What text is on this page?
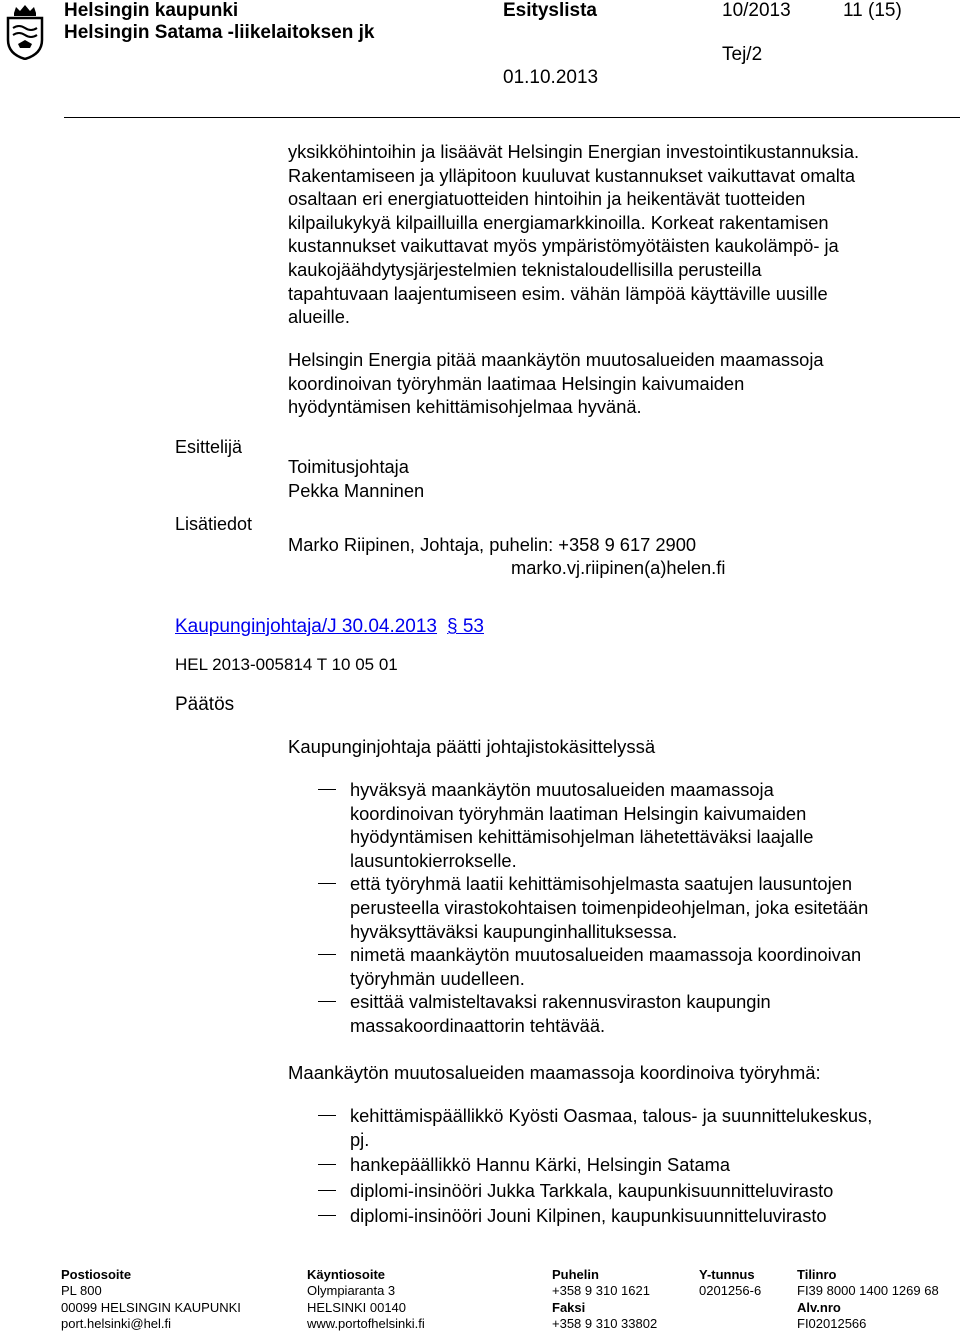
Helsingin kaupunki
Helsingin Satama -liikelaitoksen jk
Esityslista	10/2013	11 (15)
Tej/2
01.10.2013
yksikköhintoihin ja lisäävät Helsingin Energian investointikustannuksia.
Rakentamiseen ja ylläpitoon kuuluvat kustannukset vaikuttavat omalta
osaltaan eri energiatuotteiden hintoihin ja heikentävät tuotteiden
kilpailukykyä kilpailluilla energiamarkkinoilla. Korkeat rakentamisen
kustannukset vaikuttavat myös ympäristömyötäisten kaukolämpö- ja
kaukojäähdytysjärjestelmien teknistaloudellisilla perusteilla
tapahtuvaan laajentumiseen esim. vähän lämpöä käyttäville uusille
alueille.
Helsingin Energia pitää maankäytön muutosalueiden maamassoja
koordinoivan työryhmän laatimaa Helsingin kaivumaiden
hyödyntämisen kehittämisohjelmaa hyvänä.
Esittelijä
Toimitusjohtaja
Pekka Manninen
Lisätiedot
Marko Riipinen, Johtaja, puhelin: +358 9 617 2900
marko.vj.riipinen(a)helen.fi
Kaupunginjohtaja/J 30.04.2013 § 53
HEL 2013-005814 T 10 05 01
Päätös
Kaupunginjohtaja päätti johtajistokäsittelyssä
hyväksyä maankäytön muutosalueiden maamassoja
koordinoivan työryhmän laatiman Helsingin kaivumaiden
hyödyntämisen kehittämisohjelman lähetettäväksi laajalle
lausuntokierrokselle.
että työryhmä laatii kehittämisohjelmasta saatujen lausuntojen
perusteella virastokohtaisen toimenpideohjelman, joka esitetään
hyväksyttäväksi kaupunginhallituksessa.
nimetä maankäytön muutosalueiden maamassoja koordinoivan
työryhmän uudelleen.
esittää valmisteltavaksi rakennusviraston kaupungin
massakoordinaattorin tehtävää.
Maankäytön muutosalueiden maamassoja koordinoiva työryhmä:
kehittämispäällikkö Kyösti Oasmaa, talous- ja suunnittelukeskus,
pj.
hankepäällikkö Hannu Kärki, Helsingin Satama
diplomi-insinööri Jukka Tarkkala, kaupunkisuunnitteluvirasto
diplomi-insinööri Jouni Kilpinen, kaupunkisuunnitteluvirasto
Postiosoite
PL 800
00099 HELSINGIN KAUPUNKI
port.helsinki@hel.fi
Käyntiosoite
Olympiaranta 3
HELSINKI 00140
www.portofhelsinki.fi
Puhelin
+358 9 310 1621
Faksi
+358 9 310 33802
Y-tunnus
0201256-6
Tilinro
FI39 8000 1400 1269 68
Alv.nro
FI02012566
